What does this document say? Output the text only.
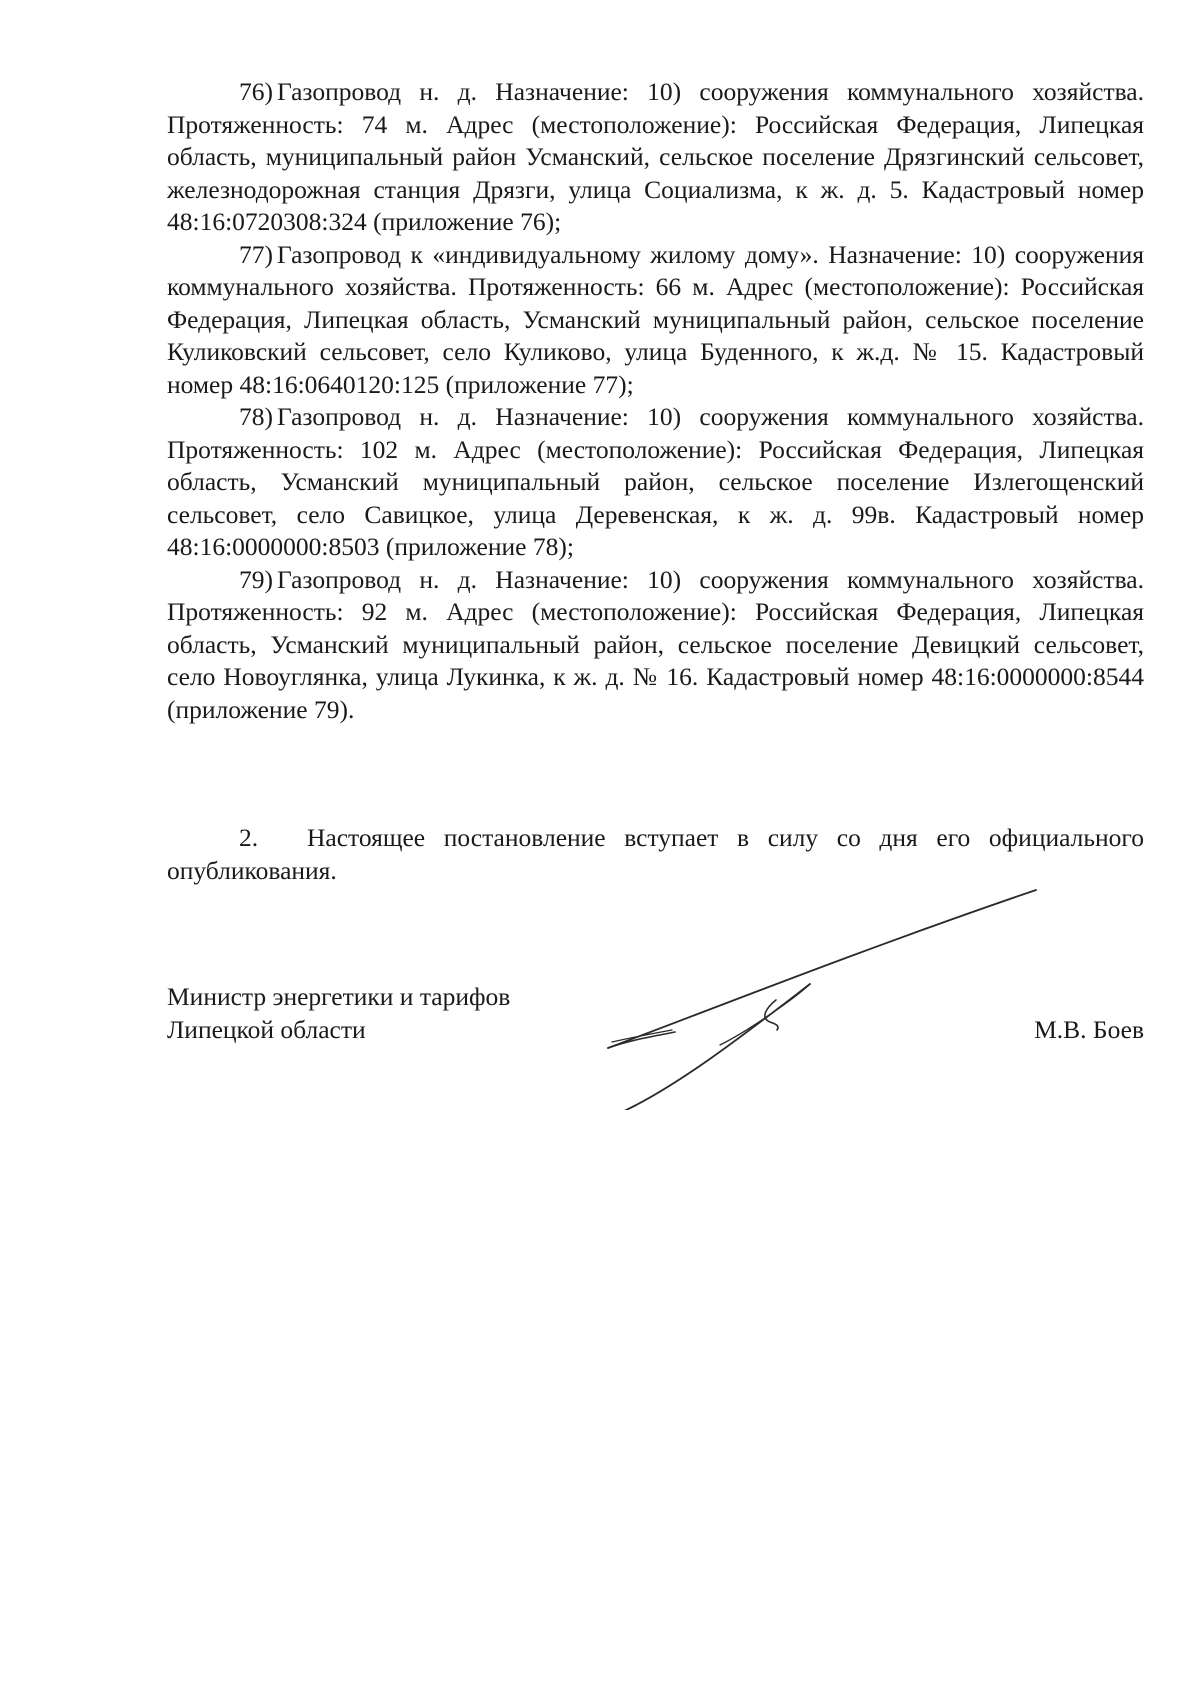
76) Газопровод н. д. Назначение: 10) сооружения коммунального хозяйства. Протяженность: 74 м. Адрес (местоположение): Российская Федерация, Липецкая область, муниципальный район Усманский, сельское поселение Дрязгинский сельсовет, железнодорожная станция Дрязги, улица Социализма, к ж. д. 5. Кадастровый номер 48:16:0720308:324 (приложение 76);

77) Газопровод к «индивидуальному жилому дому». Назначение: 10) сооружения коммунального хозяйства. Протяженность: 66 м. Адрес (местоположение): Российская Федерация, Липецкая область, Усманский муниципальный район, сельское поселение Куликовский сельсовет, село Куликово, улица Буденного, к ж.д. № 15. Кадастровый номер 48:16:0640120:125 (приложение 77);

78) Газопровод н. д. Назначение: 10) сооружения коммунального хозяйства. Протяженность: 102 м. Адрес (местоположение): Российская Федерация, Липецкая область, Усманский муниципальный район, сельское поселение Излегощенский сельсовет, село Савицкое, улица Деревенская, к ж. д. 99в. Кадастровый номер 48:16:0000000:8503 (приложение 78);

79) Газопровод н. д. Назначение: 10) сооружения коммунального хозяйства. Протяженность: 92 м. Адрес (местоположение): Российская Федерация, Липецкая область, Усманский муниципальный район, сельское поселение Девицкий сельсовет, село Новоуглянка, улица Лукинка, к ж. д. № 16. Кадастровый номер 48:16:0000000:8544 (приложение 79).

2. Настоящее постановление вступает в силу со дня его официального опубликования.

Министр энергетики и тарифов
Липецкой области	М.В. Боев
